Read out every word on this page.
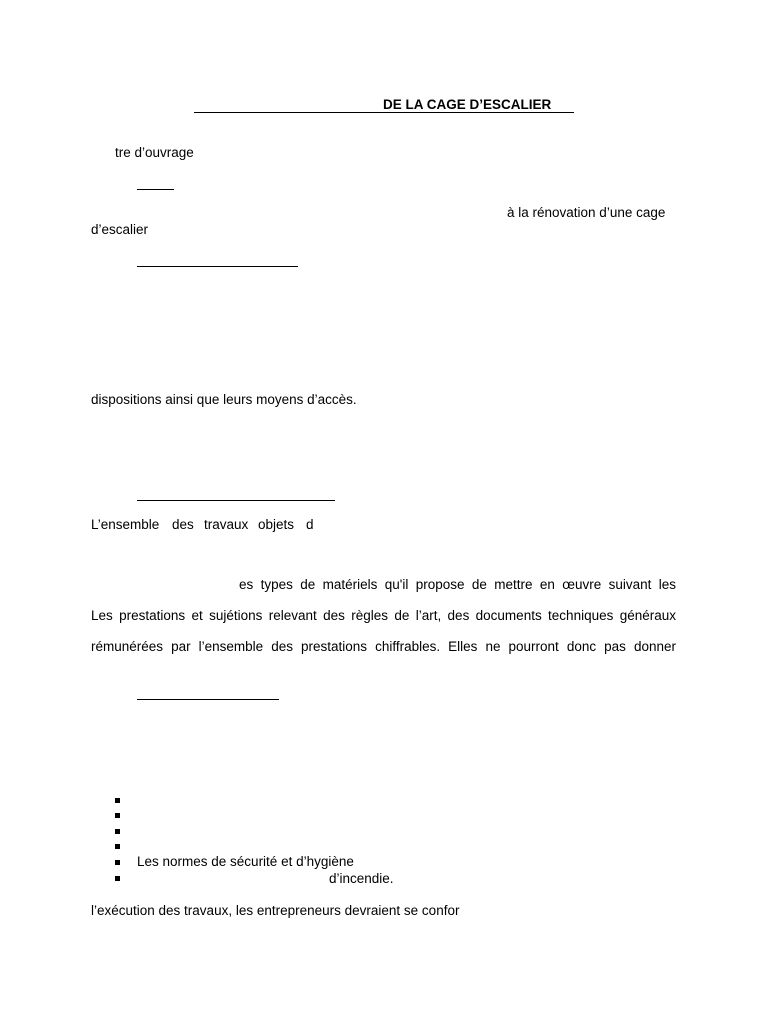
DE LA CAGE D’ESCALIER
tre d’ouvrage
à la rénovation d’une cage
d’escalier
dispositions ainsi que leurs moyens d’accès.
L’ensemble des travaux objets d
es types de matériels qu'il propose de mettre en œuvre suivant les
Les prestations et sujétions relevant des règles de l’art, des documents techniques généraux
rémunérées par l’ensemble des prestations chiffrables. Elles ne pourront donc pas donner
Les normes de sécurité et d’hygiène
d’incendie.
l’exécution des travaux, les entrepreneurs devraient se confor
